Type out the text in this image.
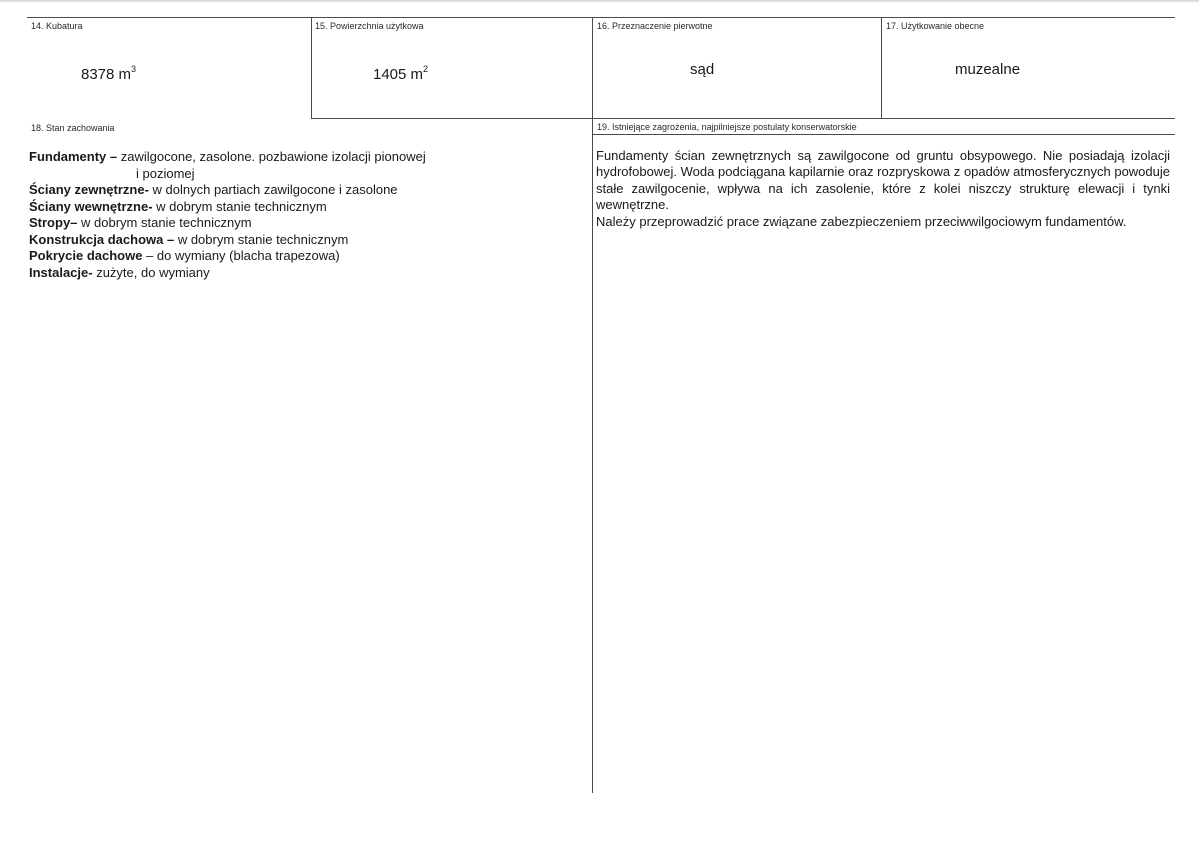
14. Kubatura	15. Powierzchnia użytkowa	16. Przeznaczenie pierwotne	17. Użytkowanie obecne
8378 $m^3$	1405 $m^2$	sąd	muzealne
18. Stan zachowania	19. Istniejące zagrożenia, najpilniejsze postulaty konserwatorskie
Fundamenty – zawilgocone, zasolone. pozbawione izolacji pionowej
i poziomej
Ściany zewnętrzne- w dolnych partiach zawilgocone i zasolone
Ściany wewnętrzne- w dobrym stanie technicznym
Stropy– w dobrym stanie technicznym
Konstrukcja dachowa – w dobrym stanie technicznym
Pokrycie dachowe – do wymiany (blacha trapezowa)
Instalacje- zużyte, do wymiany

Fundamenty ścian zewnętrznych są zawilgocone od gruntu obsypowego. Nie posiadają izolacji hydrofobowej. Woda podciągana kapilarnie oraz rozpryskowa z opadów atmosferycznych powoduje stałe zawilgocenie, wpływa na ich zasolenie, które z kolei niszczy strukturę elewacji i tynki wewnętrzne.

Należy przeprowadzić prace związane zabezpieczeniem przeciwwilgociowym fundamentów.
